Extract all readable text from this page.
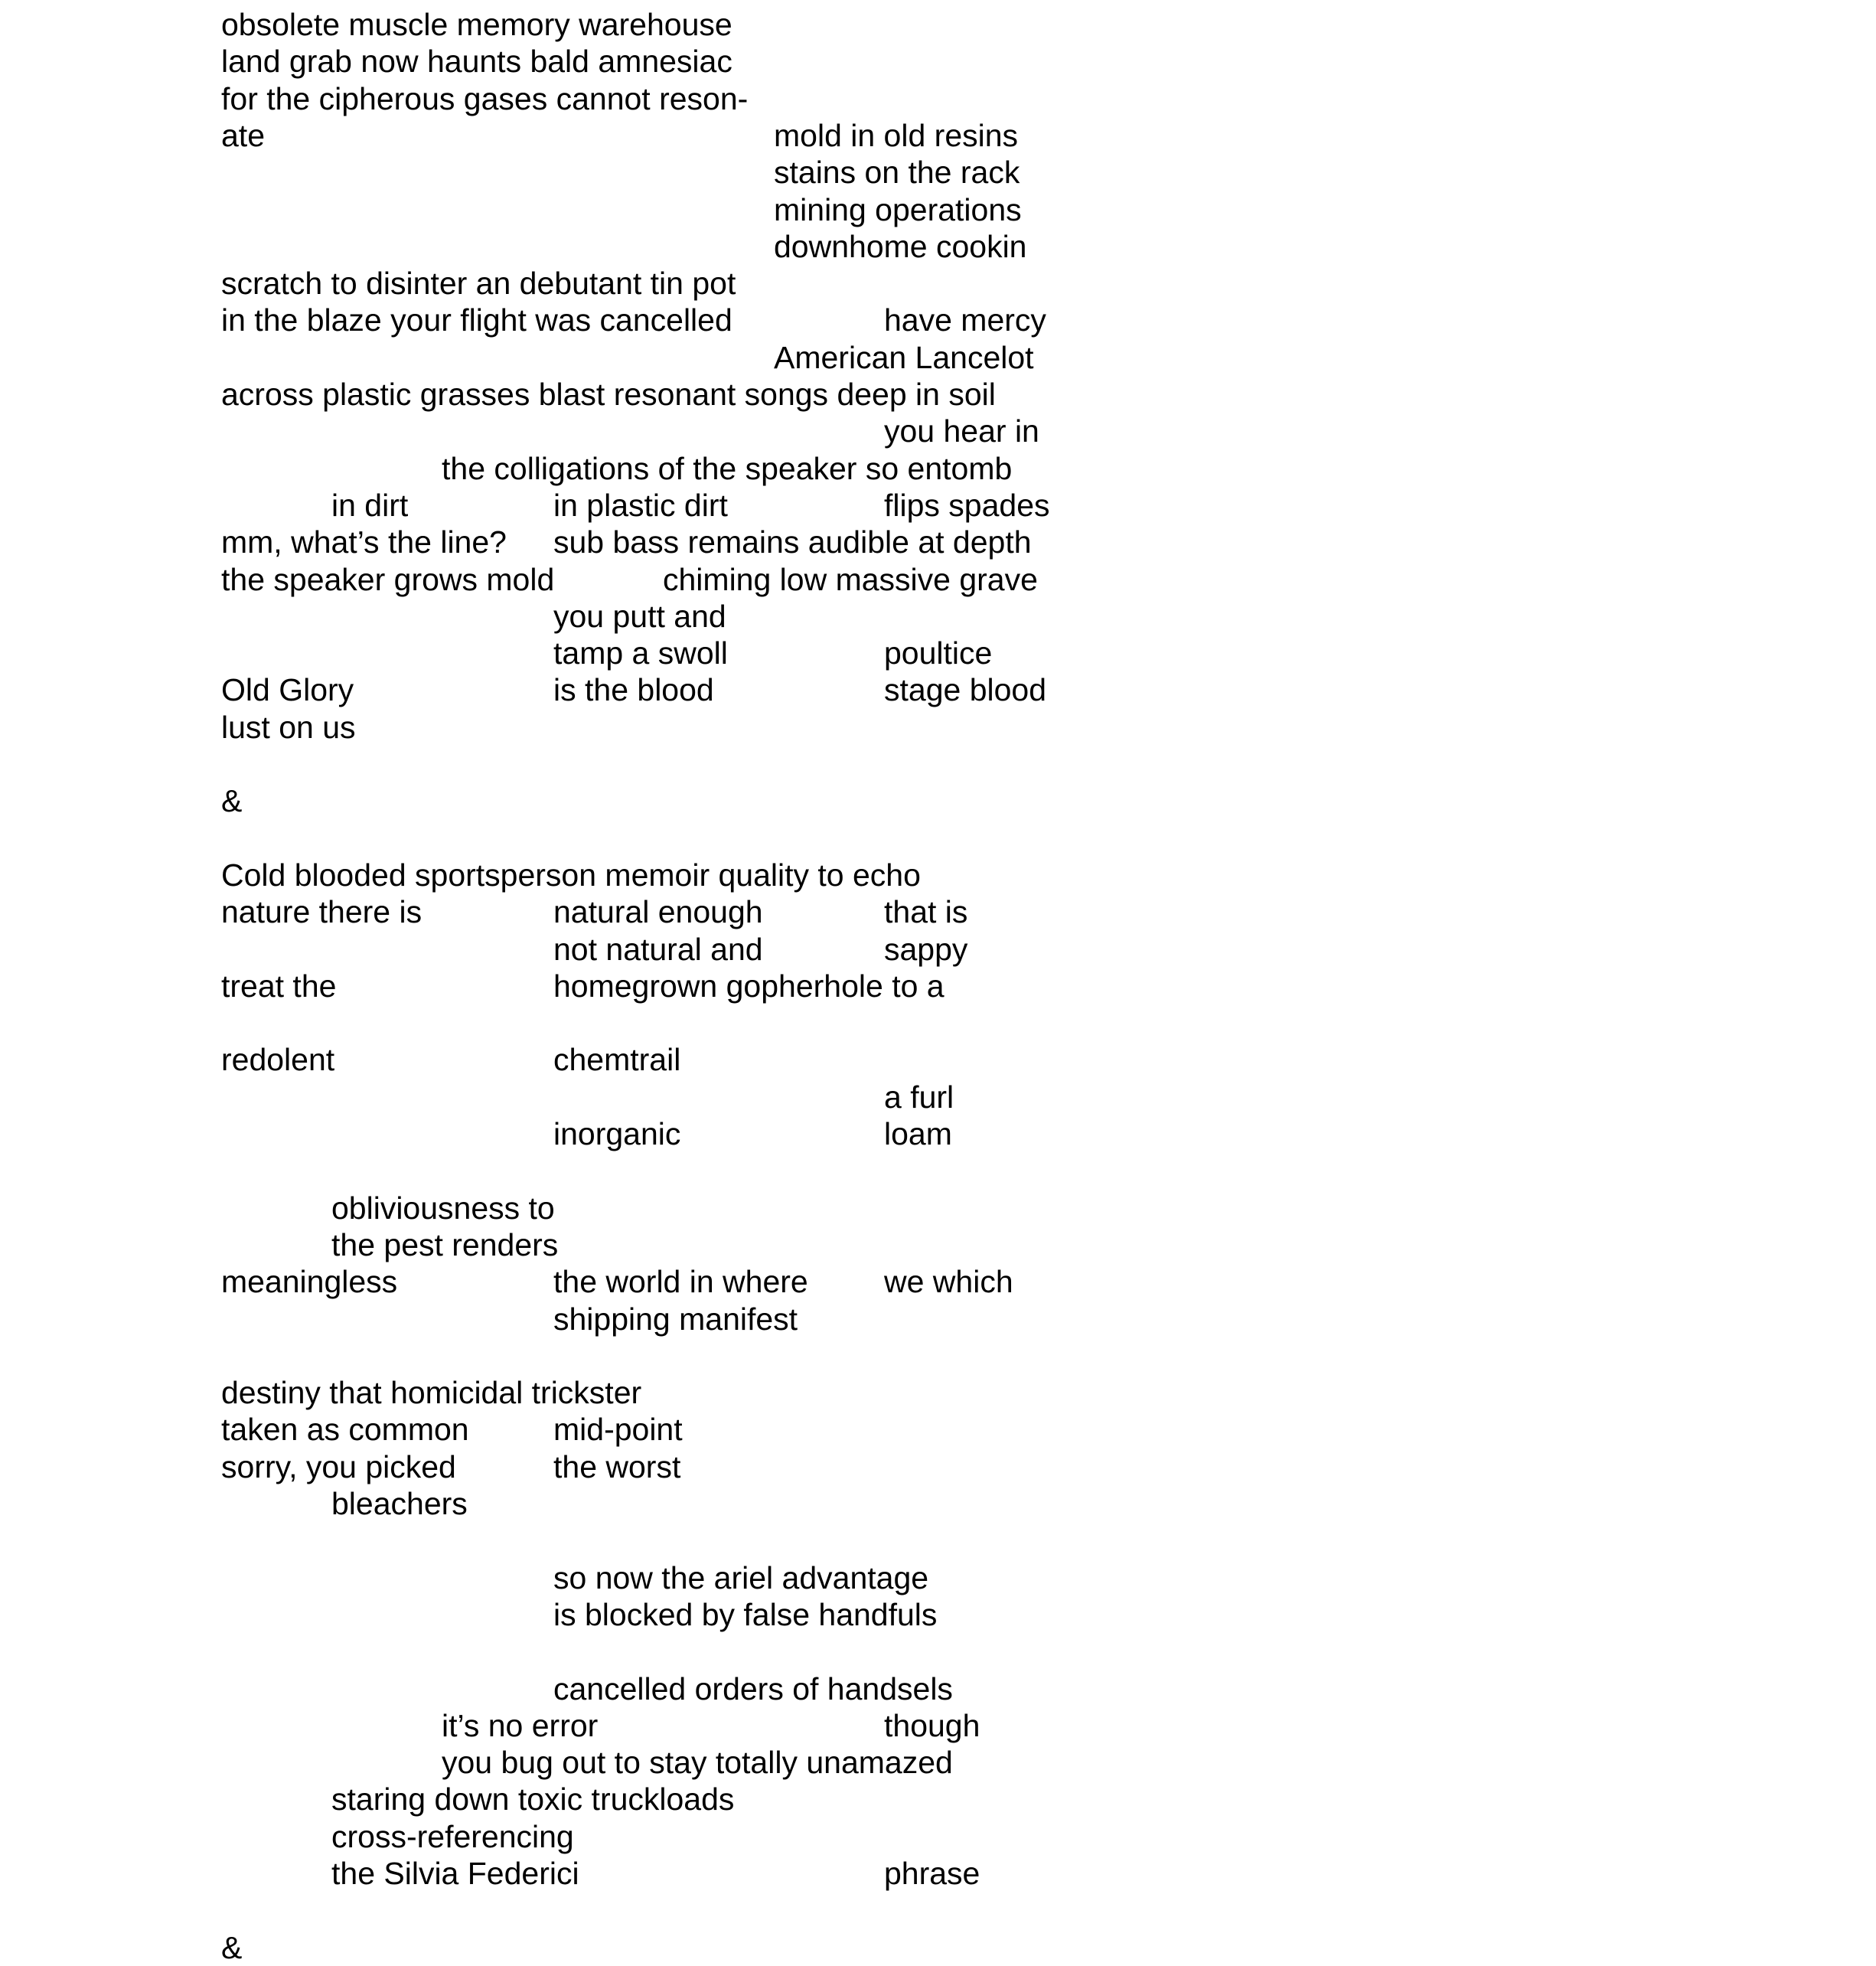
obsolete muscle memory warehouse
land grab now haunts bald amnesiac
for the cipherous gases cannot reson-
ate	mold in old resins
stains on the rack
mining operations
downhome cookin
scratch to disinter an debutant tin pot
in the blaze your flight was cancelled	have mercy
American Lancelot
across plastic grasses blast resonant songs deep in soil
you hear in
the colligations of the speaker so entomb
in dirt	in plastic dirt	flips spades
mm, what’s the line? sub bass remains audible at depth
the speaker grows mold	chiming low massive grave
you putt and
tamp a swoll	poultice
Old Glory	is the blood	stage blood
lust on us
&
Cold blooded sportsperson memoir quality to echo
nature there is	natural enough	that is
not natural and	sappy
treat the	homegrown gopherhole to a
redolent	chemtrail
a furl
inorganic	loam
obliviousness to
the pest renders
meaningless	the world in where we which
shipping manifest
destiny that homicidal trickster
taken as common	mid-point
sorry, you picked	the worst
bleachers
so now the ariel advantage
is blocked by false handfuls
cancelled orders of handsels
it’s no error	though
you bug out to stay totally unamazed
staring down toxic truckloads
cross-referencing
the Silvia Federici	phrase
&
